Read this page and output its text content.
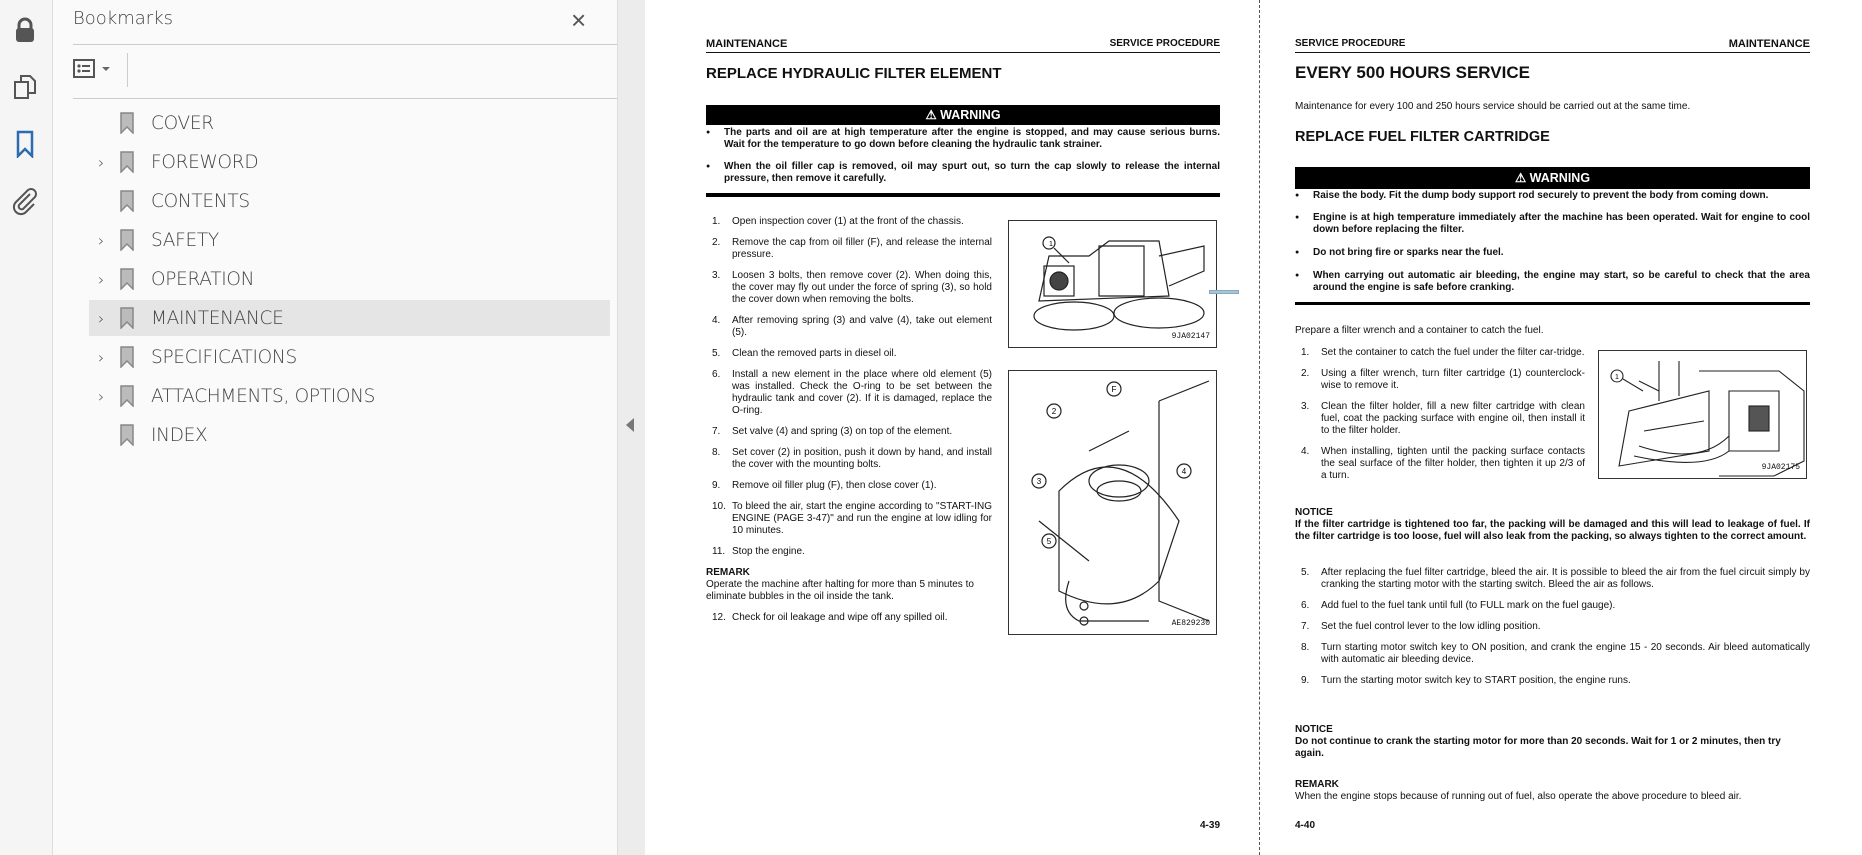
Bookmarks	×
COVER
›	FOREWORD
CONTENTS
›	SAFETY
›	OPERATION
›	MAINTENANCE
›	SPECIFICATIONS
›	ATTACHMENTS, OPTIONS
INDEX
MAINTENANCE	SERVICE PROCEDURE
REPLACE HYDRAULIC FILTER ELEMENT
⚠ WARNING
● The parts and oil are at high temperature after the engine is stopped, and may cause serious burns. Wait for the temperature to go down before cleaning the hydraulic tank strainer.
● When the oil filler cap is removed, oil may spurt out, so turn the cap slowly to release the internal pressure, then remove it carefully.
1. Open inspection cover (1) at the front of the chassis.
2. Remove the cap from oil filler (F), and release the internal pressure.
3. Loosen 3 bolts, then remove cover (2). When doing this, the cover may fly out under the force of spring (3), so hold the cover down when removing the bolts.
4. After removing spring (3) and valve (4), take out element (5).
5. Clean the removed parts in diesel oil.
6. Install a new element in the place where old element (5) was installed. Check the O-ring to be set between the hydraulic tank and cover (2). If it is damaged, replace the O-ring.
7. Set valve (4) and spring (3) on top of the element.
8. Set cover (2) in position, push it down by hand, and install the cover with the mounting bolts.
9. Remove oil filler plug (F), then close cover (1).
10. To bleed the air, start the engine according to "START-ING ENGINE (PAGE 3-47)" and run the engine at low idling for 10 minutes.
11. Stop the engine.
REMARK
Operate the machine after halting for more than 5 minutes to eliminate bubbles in the oil inside the tank.
12. Check for oil leakage and wipe off any spilled oil.
1
9JA02147
2
F
3
4
5
AE829230
4-39
SERVICE PROCEDURE	MAINTENANCE
EVERY 500 HOURS SERVICE
Maintenance for every 100 and 250 hours service should be carried out at the same time.
REPLACE FUEL FILTER CARTRIDGE
⚠ WARNING
● Raise the body. Fit the dump body support rod securely to prevent the body from coming down.
● Engine is at high temperature immediately after the machine has been operated. Wait for engine to cool down before replacing the filter.
● Do not bring fire or sparks near the fuel.
● When carrying out automatic air bleeding, the engine may start, so be careful to check that the area around the engine is safe before cranking.
Prepare a filter wrench and a container to catch the fuel.
1. Set the container to catch the fuel under the filter car-tridge.
2. Using a filter wrench, turn filter cartridge (1) counterclock-wise to remove it.
3. Clean the filter holder, fill a new filter cartridge with clean fuel, coat the packing surface with engine oil, then install it to the filter holder.
4. When installing, tighten until the packing surface contacts the seal surface of the filter holder, then tighten it up 2/3 of a turn.
1
9JA02175
NOTICE
If the filter cartridge is tightened too far, the packing will be damaged and this will lead to leakage of fuel. If the filter cartridge is too loose, fuel will also leak from the packing, so always tighten to the correct amount.
5. After replacing the fuel filter cartridge, bleed the air. It is possible to bleed the air from the fuel circuit simply by cranking the starting motor with the starting switch. Bleed the air as follows.
6. Add fuel to the fuel tank until full (to FULL mark on the fuel gauge).
7. Set the fuel control lever to the low idling position.
8. Turn starting motor switch key to ON position, and crank the engine 15 - 20 seconds. Air bleed automatically with automatic air bleeding device.
9. Turn the starting motor switch key to START position, the engine runs.
NOTICE
Do not continue to crank the starting motor for more than 20 seconds. Wait for 1 or 2 minutes, then try again.
REMARK
When the engine stops because of running out of fuel, also operate the above procedure to bleed air.
4-40
